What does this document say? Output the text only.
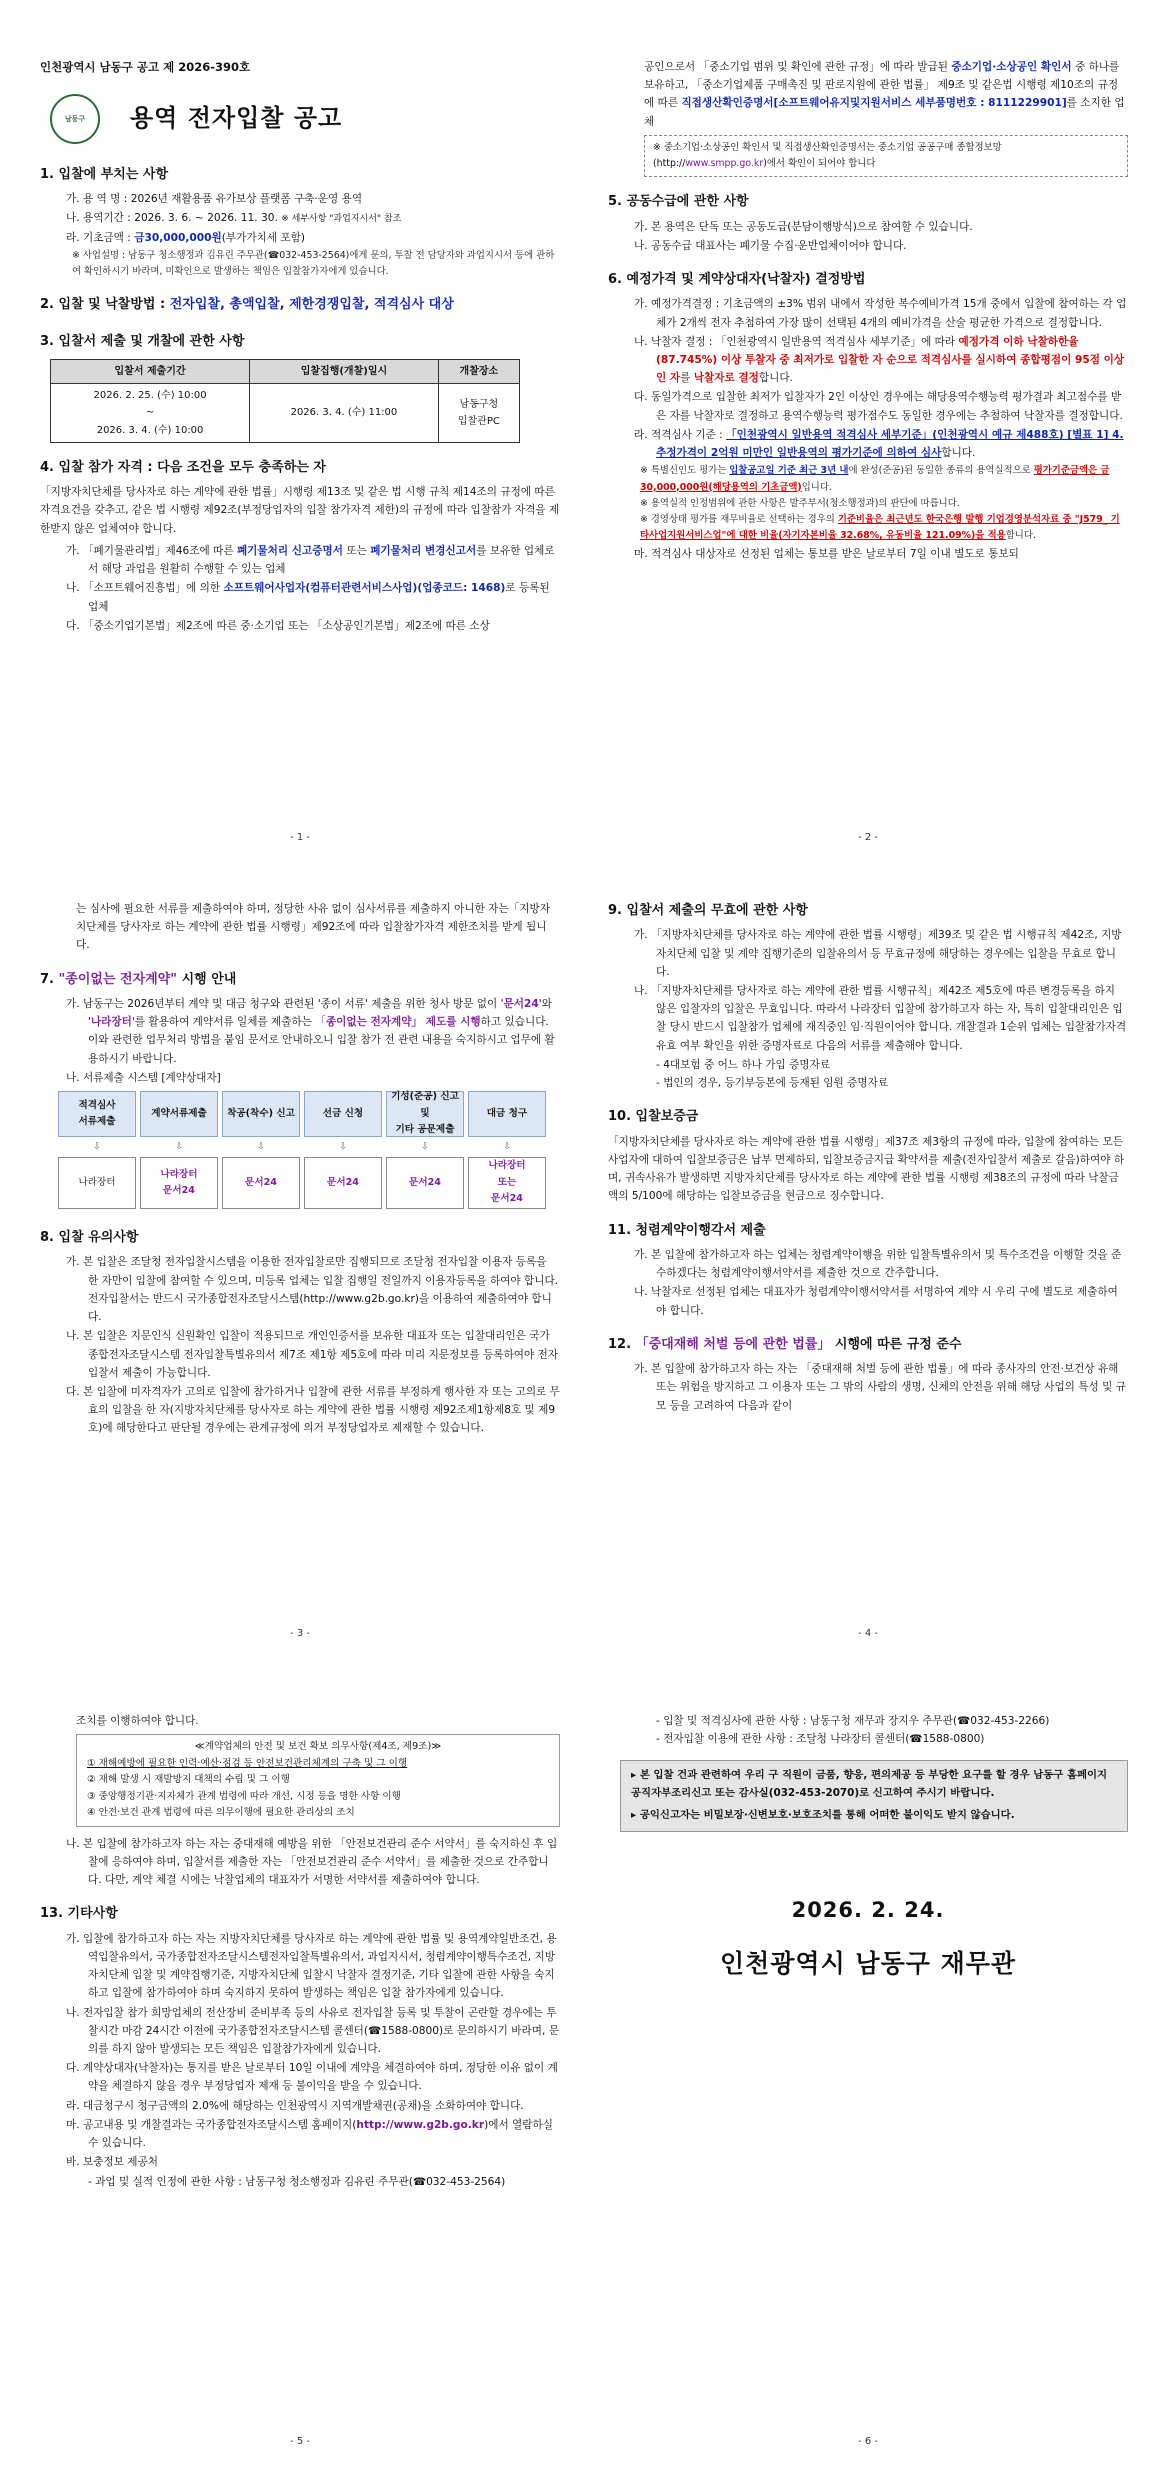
인천광역시 남동구 공고 제 2026-390호
남동구 용역 전자입찰 공고
1. 입찰에 부치는 사항
가. 용 역 명 : 2026년 재활용품 유가보상 플랫폼 구축·운영 용역
나. 용역기간 : 2026. 3. 6. ~ 2026. 11. 30. ※ 세부사항 "과업지시서" 참조
라. 기초금액 : 금30,000,000원(부가가치세 포함)
※ 사업설명 : 남동구 청소행정과 김유린 주무관(☎032-453-2564)에게 문의, 투찰 전 담당자와 과업지시서 등에 관하여 확인하시기 바라며, 미확인으로 발생하는 책임은 입찰참가자에게 있습니다.
2. 입찰 및 낙찰방법 : 전자입찰, 총액입찰, 제한경쟁입찰, 적격심사 대상
3. 입찰서 제출 및 개찰에 관한 사항
입찰서 제출기간	입찰집행(개찰)일시	개찰장소
2026. 2. 25. (수) 10:00
~
2026. 3. 4. (수) 10:00	2026. 3. 4. (수) 11:00	남동구청
입찰관PC
4. 입찰 참가 자격 : 다음 조건을 모두 충족하는 자
「지방자치단체를 당사자로 하는 계약에 관한 법률」시행령 제13조 및 같은 법 시행 규칙 제14조의 규정에 따른 자격요건을 갖추고, 같은 법 시행령 제92조(부정당업자의 입찰 참가자격 제한)의 규정에 따라 입찰참가 자격을 제한받지 않은 업체여야 합니다.
가. 「폐기물관리법」제46조에 따른 폐기물처리 신고증명서 또는 폐기물처리 변경신고서를 보유한 업체로서 해당 과업을 원활히 수행할 수 있는 업체
나. 「소프트웨어진흥법」에 의한 소프트웨어사업자(컴퓨터관련서비스사업)(업종코드: 1468)로 등록된 업체
다. 「중소기업기본법」제2조에 따른 중·소기업 또는 「소상공인기본법」제2조에 따른 소상
- 1 -
공인으로서 「중소기업 범위 및 확인에 관한 규정」에 따라 발급된 중소기업·소상공인 확인서 중 하나를 보유하고, 「중소기업제품 구매촉진 및 판로지원에 관한 법률」 제9조 및 같은법 시행령 제10조의 규정에 따른 직접생산확인증명서[소프트웨어유지및지원서비스 세부품명번호 : 8111229901]를 소지한 업체
※ 중소기업·소상공인 확인서 및 직접생산확인증명서는 중소기업 공공구매 종합정보망
(http://www.smpp.go.kr)에서 확인이 되어야 합니다
5. 공동수급에 관한 사항
가. 본 용역은 단독 또는 공동도급(분담이행방식)으로 참여할 수 있습니다.
나. 공동수급 대표사는 폐기물 수집·운반업체이어야 합니다.
6. 예정가격 및 계약상대자(낙찰자) 결정방법
가. 예정가격결정 : 기초금액의 ±3% 범위 내에서 작성한 복수예비가격 15개 중에서 입찰에 참여하는 각 업체가 2개씩 전자 추첨하여 가장 많이 선택된 4개의 예비가격을 산술 평균한 가격으로 결정합니다.
나. 낙찰자 결정 : 「인천광역시 일반용역 적격심사 세부기준」에 따라 예정가격 이하 낙찰하한율(87.745%) 이상 투찰자 중 최저가로 입찰한 자 순으로 적격심사를 실시하여 종합평점이 95점 이상인 자를 낙찰자로 결정합니다.
다. 동일가격으로 입찰한 최저가 입찰자가 2인 이상인 경우에는 해당용역수행능력 평가결과 최고점수를 받은 자를 낙찰자로 결정하고 용역수행능력 평가점수도 동일한 경우에는 추첨하여 낙찰자를 결정합니다.
라. 적격심사 기준 : 「인천광역시 일반용역 적격심사 세부기준」(인천광역시 예규 제488호) [별표 1] 4. 추정가격이 2억원 미만인 일반용역의 평가기준에 의하여 심사합니다.
※ 특별신인도 평가는 입찰공고일 기준 최근 3년 내에 완성(준공)된 동일한 종류의 용역실적으로 평가기준금액은 금30,000,000원(해당용역의 기초금액)입니다.
※ 용역실적 인정범위에 관한 사항은 발주부서(청소행정과)의 판단에 따릅니다.
※ 경영상태 평가를 재무비율로 선택하는 경우의 기준비율은 최근년도 한국은행 발행 기업경영분석자료 중 "J579_ 기타사업지원서비스업"에 대한 비율(자기자본비율 32.68%, 유동비율 121.09%)을 적용합니다.
마. 적격심사 대상자로 선정된 업체는 통보를 받은 날로부터 7일 이내 별도로 통보되
- 2 -
는 심사에 필요한 서류를 제출하여야 하며, 정당한 사유 없이 심사서류를 제출하지 아니한 자는「지방자치단체를 당사자로 하는 계약에 관한 법률 시행령」제92조에 따라 입찰참가자격 제한조치를 받게 됩니다.
7. "종이없는 전자계약" 시행 안내
가. 남동구는 2026년부터 계약 및 대금 청구와 관련된 '종이 서류' 제출을 위한 청사 방문 없이 '문서24'와 '나라장터'를 활용하여 계약서류 일체를 제출하는 「종이없는 전자계약」 제도를 시행하고 있습니다. 이와 관련한 업무처리 방법을 붙임 문서로 안내하오니 입찰 참가 전 관련 내용을 숙지하시고 업무에 활용하시기 바랍니다.
나. 서류제출 시스템 [계약상대자]
적격심사
서류제출
⇩
나라장터
계약서류제출
⇩
나라장터
문서24
착공(착수) 신고
⇩
문서24
선금 신청
⇩
문서24
기성(준공) 신고
및
기타 공문제출
⇩
문서24
대금 청구
⇩
나라장터
또는
문서24
8. 입찰 유의사항
가. 본 입찰은 조달청 전자입찰시스템을 이용한 전자입찰로만 집행되므로 조달청 전자입찰 이용자 등록을 한 자만이 입찰에 참여할 수 있으며, 미등록 업체는 입찰 집행일 전일까지 이용자등록을 하여야 합니다. 전자입찰서는 반드시 국가종합전자조달시스템(http://www.g2b.go.kr)을 이용하여 제출하여야 합니다.
나. 본 입찰은 지문인식 신원확인 입찰이 적용되므로 개인인증서를 보유한 대표자 또는 입찰대리인은 국가종합전자조달시스템 전자입찰특별유의서 제7조 제1항 제5호에 따라 미리 지문정보를 등록하여야 전자입찰서 제출이 가능합니다.
다. 본 입찰에 미자격자가 고의로 입찰에 참가하거나 입찰에 관한 서류를 부정하게 행사한 자 또는 고의로 무효의 입찰을 한 자(지방자치단체를 당사자로 하는 계약에 관한 법률 시행령 제92조제1항제8호 및 제9호)에 해당한다고 판단될 경우에는 관계규정에 의거 부정당업자로 제재할 수 있습니다.
- 3 -
9. 입찰서 제출의 무효에 관한 사항
가. 「지방자치단체를 당사자로 하는 계약에 관한 법률 시행령」제39조 및 같은 법 시행규칙 제42조, 지방자치단체 입찰 및 계약 집행기준의 입찰유의서 등 무효규정에 해당하는 경우에는 입찰을 무효로 합니다.
나. 「지방자치단체를 당사자로 하는 계약에 관한 법률 시행규칙」제42조 제5호에 따른 변경등록을 하지 않은 입찰자의 입찰은 무효입니다. 따라서 나라장터 입찰에 참가하고자 하는 자, 특히 입찰대리인은 입찰 당시 반드시 입찰참가 업체에 재직중인 임·직원이어야 합니다. 개찰결과 1순위 업체는 입찰참가자격 유효 여부 확인을 위한 증명자료로 다음의 서류를 제출해야 합니다.
- 4대보험 중 어느 하나 가입 증명자료
- 법인의 경우, 등기부등본에 등재된 임원 증명자료
10. 입찰보증금
「지방자치단체를 당사자로 하는 계약에 관한 법률 시행령」제37조 제3항의 규정에 따라, 입찰에 참여하는 모든 사업자에 대하여 입찰보증금은 납부 면제하되, 입찰보증금지급 확약서를 제출(전자입찰서 제출로 갈음)하여야 하며, 귀속사유가 발생하면 지방자치단체를 당사자로 하는 계약에 관한 법률 시행령 제38조의 규정에 따라 낙찰금액의 5/100에 해당하는 입찰보증금을 현금으로 징수합니다.
11. 청렴계약이행각서 제출
가. 본 입찰에 참가하고자 하는 업체는 청렴계약이행을 위한 입찰특별유의서 및 특수조건을 이행할 것을 준수하겠다는 청렴계약이행서약서를 제출한 것으로 간주합니다.
나. 낙찰자로 선정된 업체는 대표자가 청렴계약이행서약서를 서명하여 계약 시 우리 구에 별도로 제출하여야 합니다.
12. 「중대재해 처벌 등에 관한 법률」 시행에 따른 규정 준수
가. 본 입찰에 참가하고자 하는 자는 「중대재해 처벌 등에 관한 법률」에 따라 종사자의 안전·보건상 유해 또는 위험을 방지하고 그 이용자 또는 그 밖의 사람의 생명, 신체의 안전을 위해 해당 사업의 특성 및 규모 등을 고려하여 다음과 같이
- 4 -
조치를 이행하여야 합니다.
≪계약업체의 안전 및 보건 확보 의무사항(제4조, 제9조)≫
① 재해예방에 필요한 인력·예산·점검 등 안전보건관리체계의 구축 및 그 이행
② 재해 발생 시 재발방지 대책의 수립 및 그 이행
③ 중앙행정기관·지자체가 관계 법령에 따라 개선, 시정 등을 명한 사항 이행
④ 안전·보건 관계 법령에 따른 의무이행에 필요한 관리상의 조치
나. 본 입찰에 참가하고자 하는 자는 중대재해 예방을 위한 「안전보건관리 준수 서약서」를 숙지하신 후 입찰에 응하여야 하며, 입찰서를 제출한 자는 「안전보건관리 준수 서약서」를 제출한 것으로 간주합니다. 다만, 계약 체결 시에는 낙찰업체의 대표자가 서명한 서약서를 제출하여야 합니다.
13. 기타사항
가. 입찰에 참가하고자 하는 자는 지방자치단체를 당사자로 하는 계약에 관한 법률 및 용역계약일반조건, 용역입찰유의서, 국가종합전자조달시스템전자입찰특별유의서, 과업지시서, 청렴계약이행특수조건, 지방자치단체 입찰 및 계약집행기준, 지방자치단체 입찰시 낙찰자 결정기준, 기타 입찰에 관한 사항을 숙지하고 입찰에 참가하여야 하며 숙지하지 못하여 발생하는 책임은 입찰 참가자에게 있습니다.
나. 전자입찰 참가 희망업체의 전산장비 준비부족 등의 사유로 전자입찰 등록 및 투찰이 곤란할 경우에는 투찰시간 마감 24시간 이전에 국가종합전자조달시스템 콜센터(☎1588-0800)로 문의하시기 바라며, 문의를 하지 않아 발생되는 모든 책임은 입찰참가자에게 있습니다.
다. 계약상대자(낙찰자)는 통지를 받은 날로부터 10일 이내에 계약을 체결하여야 하며, 정당한 이유 없이 계약을 체결하지 않을 경우 부정당업자 제재 등 불이익을 받을 수 있습니다.
라. 대금청구시 청구금액의 2.0%에 해당하는 인천광역시 지역개발채권(공채)을 소화하여야 합니다.
마. 공고내용 및 개찰결과는 국가종합전자조달시스템 홈페이지(http://www.g2b.go.kr)에서 열람하실 수 있습니다.
바. 보충정보 제공처
- 과업 및 실적 인정에 관한 사항 : 남동구청 청소행정과 김유린 주무관(☎032-453-2564)
- 5 -
- 입찰 및 적격심사에 관한 사항 : 남동구청 재무과 장지우 주무관(☎032-453-2266)
- 전자입찰 이용에 관한 사항 : 조달청 나라장터 콜센터(☎1588-0800)
▸ 본 입찰 건과 관련하여 우리 구 직원이 금품, 향응, 편의제공 등 부당한 요구를 할 경우 남동구 홈페이지 공직자부조리신고 또는 감사실(032-453-2070)로 신고하여 주시기 바랍니다.
▸ 공익신고자는 비밀보장·신변보호·보호조치를 통해 어떠한 불이익도 받지 않습니다.
2026. 2. 24.
인천광역시 남동구 재무관
- 6 -
